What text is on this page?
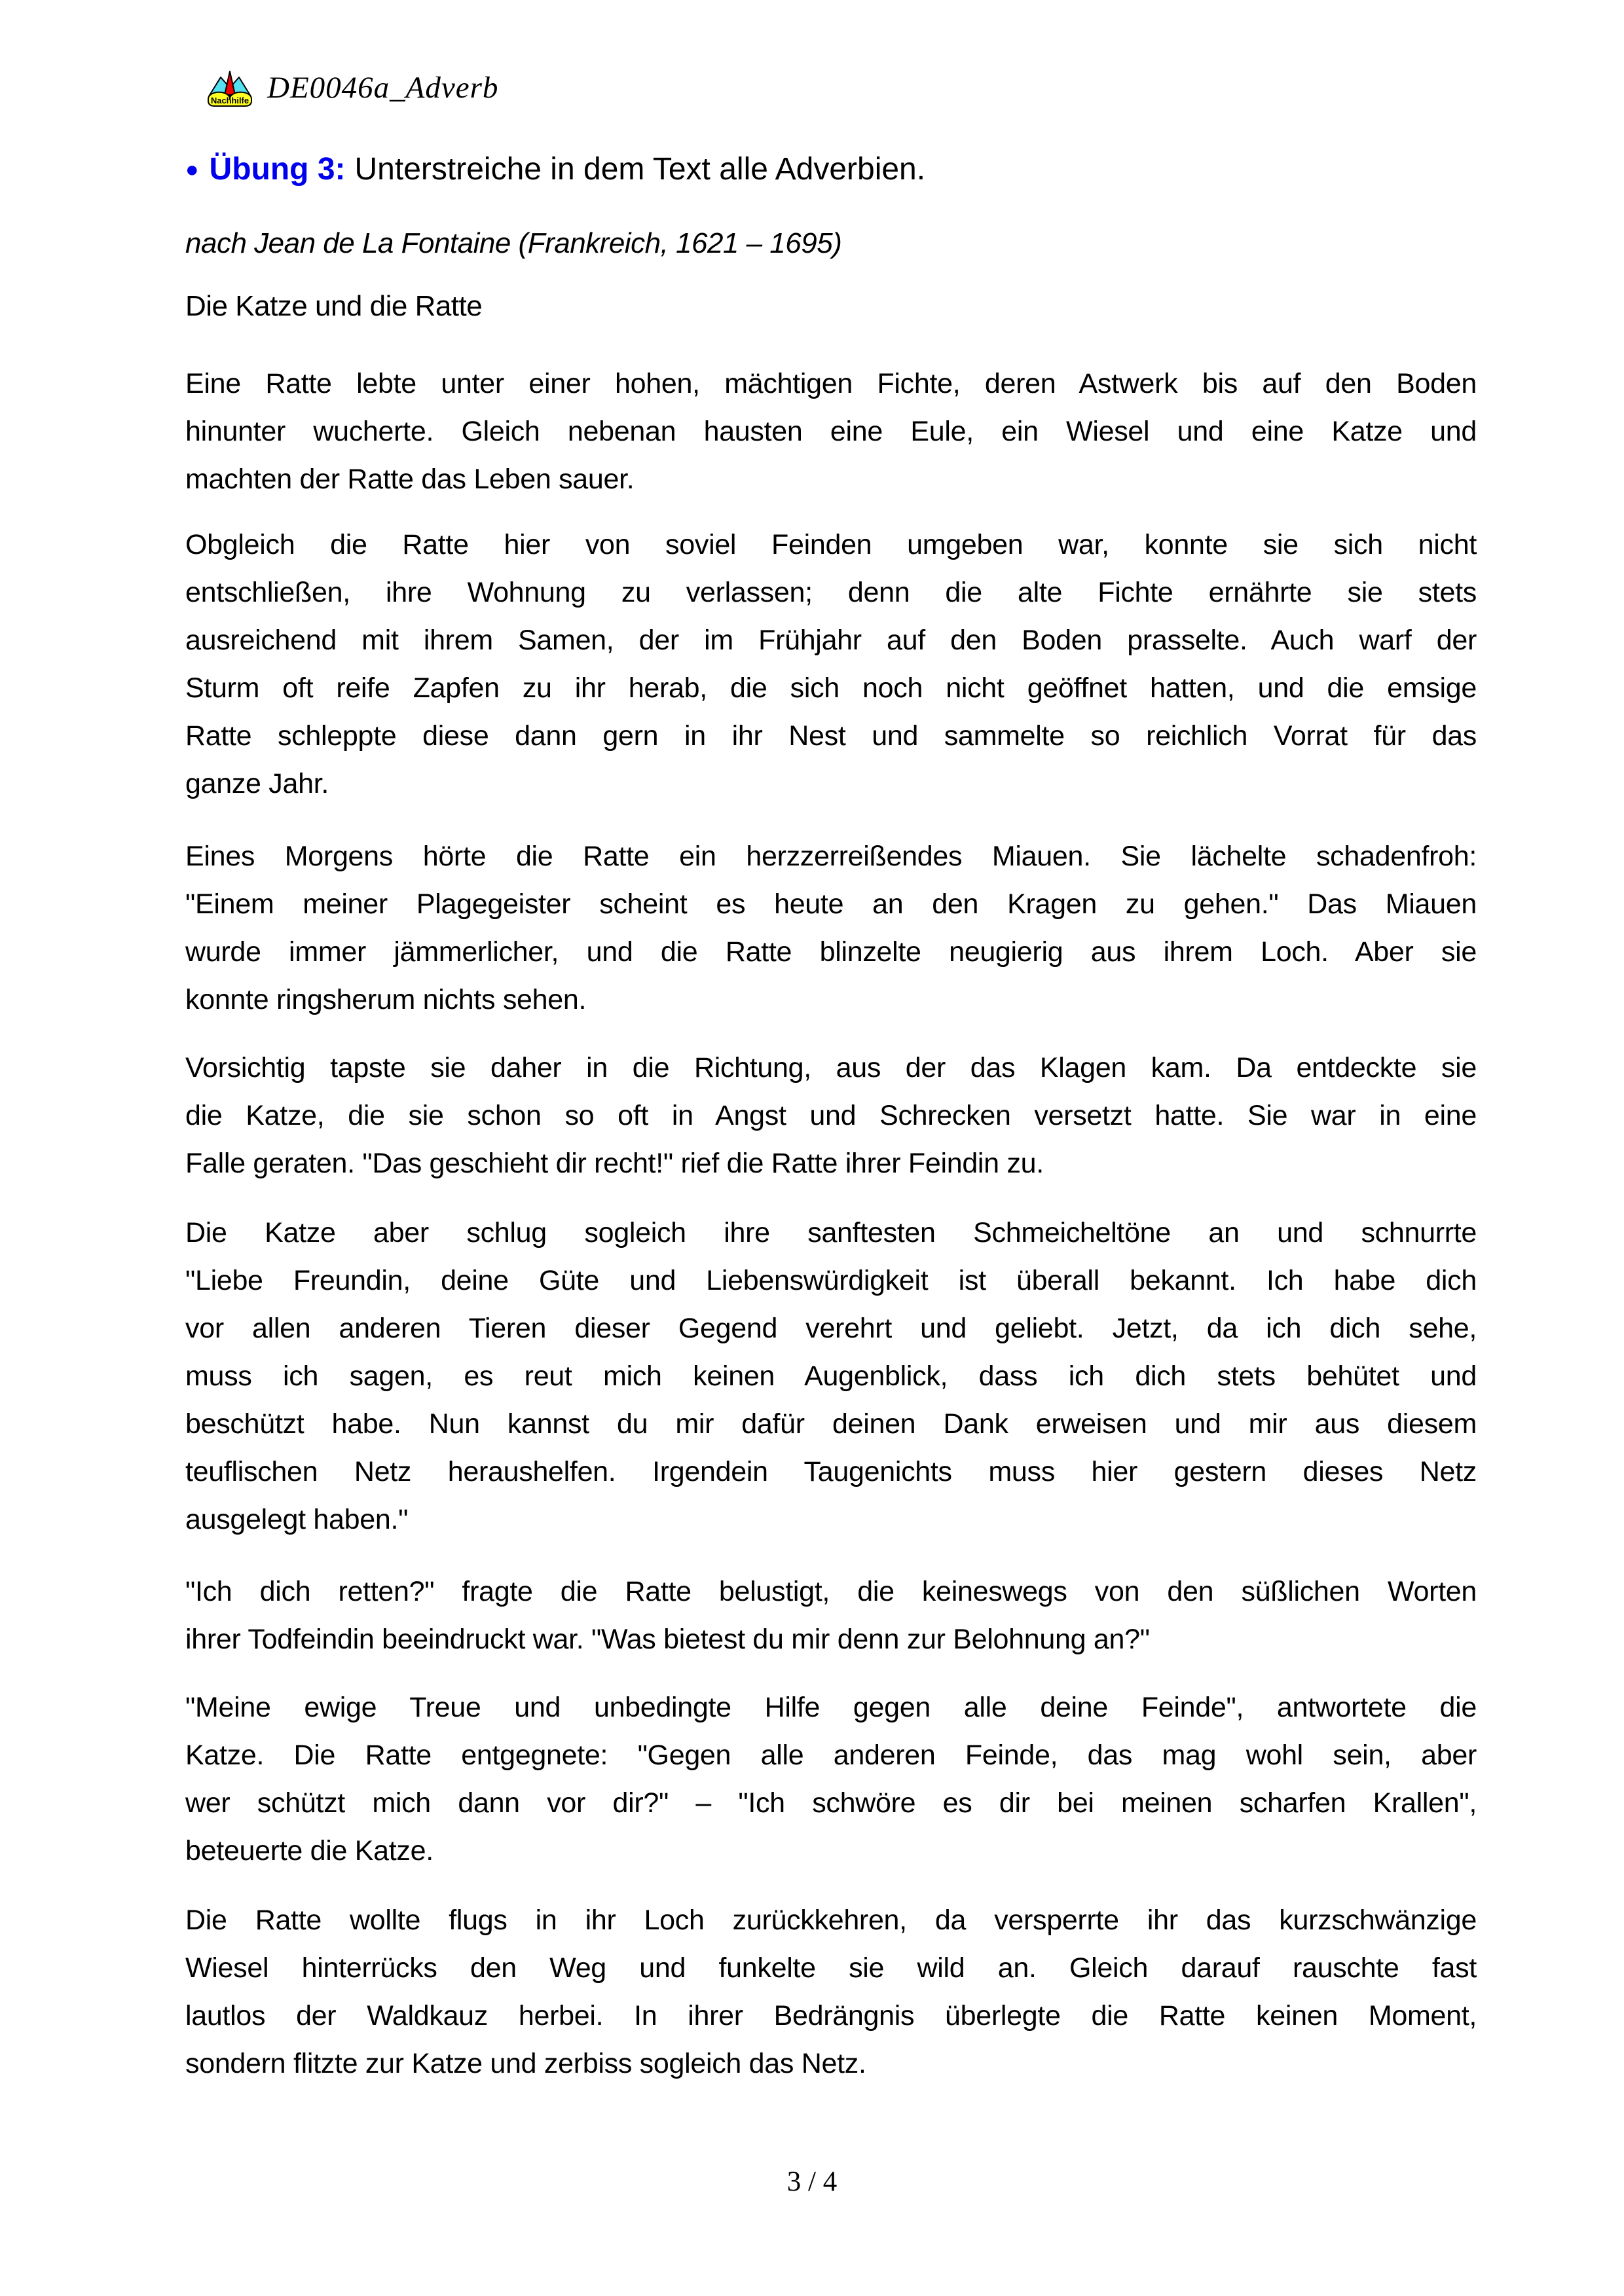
Nachhilfe DE0046a_Adverb
● Übung 3: Unterstreiche in dem Text alle Adverbien.
nach Jean de La Fontaine (Frankreich, 1621 – 1695)
Die Katze und die Ratte
Eine Ratte lebte unter einer hohen, mächtigen Fichte, deren Astwerk bis auf den Boden
hinunter wucherte. Gleich nebenan hausten eine Eule, ein Wiesel und eine Katze und
machten der Ratte das Leben sauer.
Obgleich die Ratte hier von soviel Feinden umgeben war, konnte sie sich nicht
entschließen, ihre Wohnung zu verlassen; denn die alte Fichte ernährte sie stets
ausreichend mit ihrem Samen, der im Frühjahr auf den Boden prasselte. Auch warf der
Sturm oft reife Zapfen zu ihr herab, die sich noch nicht geöffnet hatten, und die emsige
Ratte schleppte diese dann gern in ihr Nest und sammelte so reichlich Vorrat für das
ganze Jahr.
Eines Morgens hörte die Ratte ein herzzerreißendes Miauen. Sie lächelte schadenfroh:
"Einem meiner Plagegeister scheint es heute an den Kragen zu gehen." Das Miauen
wurde immer jämmerlicher, und die Ratte blinzelte neugierig aus ihrem Loch. Aber sie
konnte ringsherum nichts sehen.
Vorsichtig tapste sie daher in die Richtung, aus der das Klagen kam. Da entdeckte sie
die Katze, die sie schon so oft in Angst und Schrecken versetzt hatte. Sie war in eine
Falle geraten. "Das geschieht dir recht!" rief die Ratte ihrer Feindin zu.
Die Katze aber schlug sogleich ihre sanftesten Schmeicheltöne an und schnurrte
"Liebe Freundin, deine Güte und Liebenswürdigkeit ist überall bekannt. Ich habe dich
vor allen anderen Tieren dieser Gegend verehrt und geliebt. Jetzt, da ich dich sehe,
muss ich sagen, es reut mich keinen Augenblick, dass ich dich stets behütet und
beschützt habe. Nun kannst du mir dafür deinen Dank erweisen und mir aus diesem
teuflischen Netz heraushelfen. Irgendein Taugenichts muss hier gestern dieses Netz
ausgelegt haben."
"Ich dich retten?" fragte die Ratte belustigt, die keineswegs von den süßlichen Worten
ihrer Todfeindin beeindruckt war. "Was bietest du mir denn zur Belohnung an?"
"Meine ewige Treue und unbedingte Hilfe gegen alle deine Feinde", antwortete die
Katze. Die Ratte entgegnete: "Gegen alle anderen Feinde, das mag wohl sein, aber
wer schützt mich dann vor dir?" – "Ich schwöre es dir bei meinen scharfen Krallen",
beteuerte die Katze.
Die Ratte wollte flugs in ihr Loch zurückkehren, da versperrte ihr das kurzschwänzige
Wiesel hinterrücks den Weg und funkelte sie wild an. Gleich darauf rauschte fast
lautlos der Waldkauz herbei. In ihrer Bedrängnis überlegte die Ratte keinen Moment,
sondern flitzte zur Katze und zerbiss sogleich das Netz.
3 / 4
